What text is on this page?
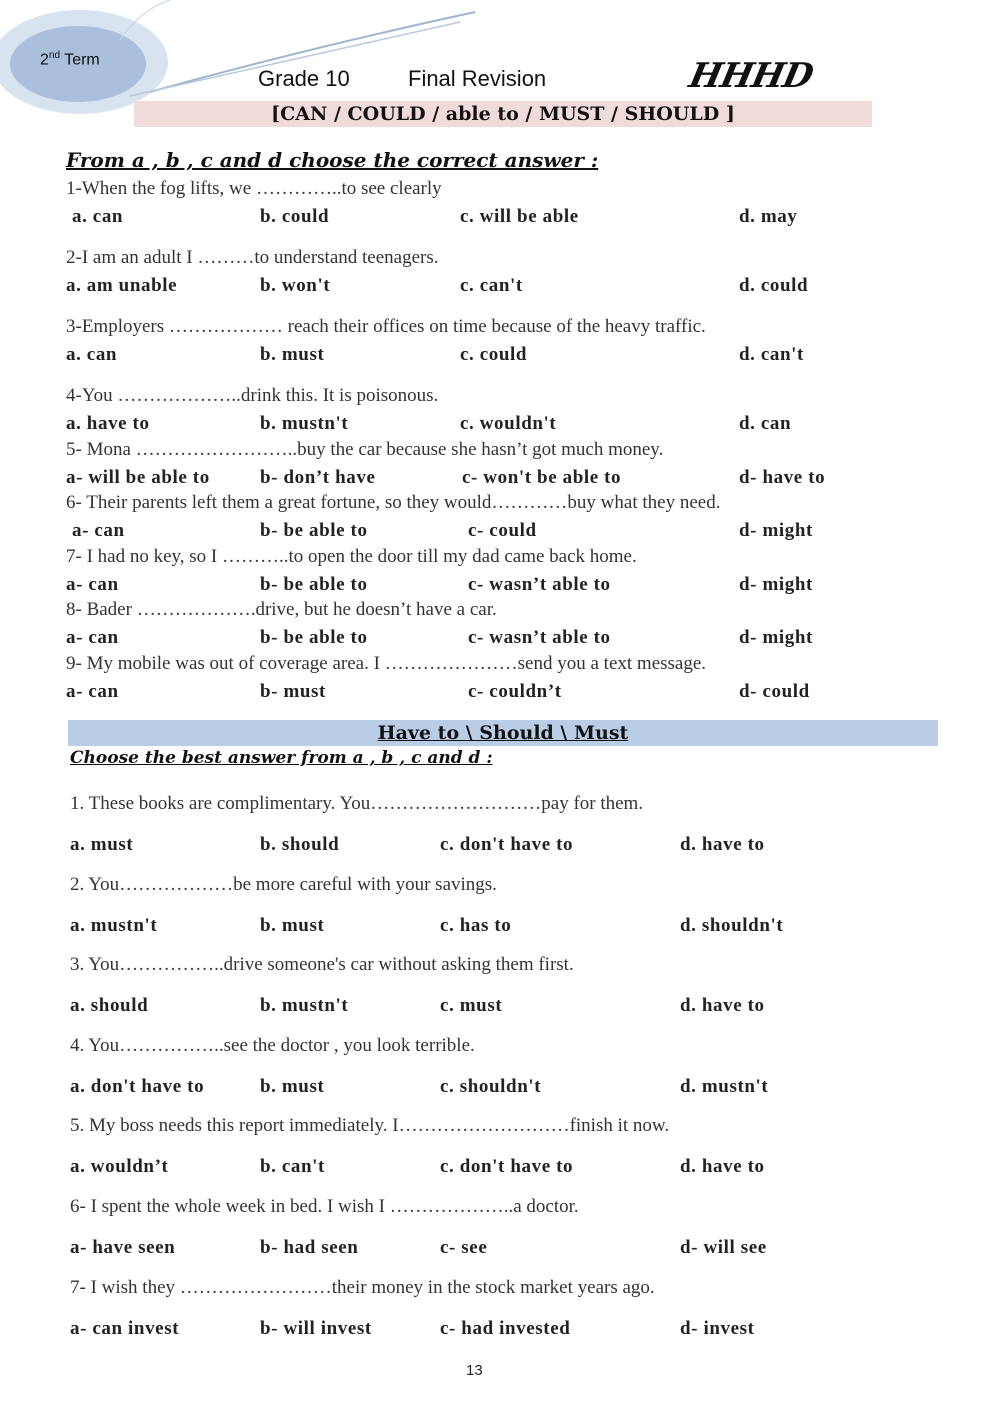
2nd Term
Grade 10	Final Revision	HHHD
[CAN / COULD / able to / MUST / SHOULD ]
From a , b , c and d choose the correct answer :
1-When the fog lifts, we …………..to see clearly
a. can	b. could	c. will be able	d. may
2-I am an adult I ………to understand teenagers.
a. am unable	b. won't	c. can't	d. could
3-Employers ……………… reach their offices on time because of the heavy traffic.
a. can	b. must	c. could	d. can't
4-You ………………..drink this. It is poisonous.
a. have to	b. mustn't	c. wouldn't	d. can
5- Mona ……………………..buy the car because she hasn’t got much money.
a- will be able to	b- don’t have	c- won't be able to	d- have to
6- Their parents left them a great fortune, so they would…………buy what they need.
a- can	b- be able to	c- could	d- might
7- I had no key, so I ………..to open the door till my dad came back home.
a- can	b- be able to	c- wasn’t able to	d- might
8- Bader ……………….drive, but he doesn’t have a car.
a- can	b- be able to	c- wasn’t able to	d- might
9- My mobile was out of coverage area. I …………………send you a text message.
a- can	b- must	c- couldn’t	d- could
Have to \ Should \ Must
Choose the best answer from a , b , c and d :
1. These books are complimentary. You………………………pay for them.
a. must	b. should	c. don't have to	d. have to
2. You………………be more careful with your savings.
a. mustn't	b. must	c. has to	d. shouldn't
3. You……………..drive someone's car without asking them first.
a. should	b. mustn't	c. must	d. have to
4. You……………..see the doctor , you look terrible.
a. don't have to	b. must	c. shouldn't	d. mustn't
5. My boss needs this report immediately. I………………………finish it now.
a. wouldn’t	b. can't	c. don't have to	d. have to
6- I spent the whole week in bed. I wish I ………………..a doctor.
a- have seen	b- had seen	c- see	d- will see
7- I wish they ……………………their money in the stock market years ago.
a- can invest	b- will invest	c- had invested	d- invest
13
